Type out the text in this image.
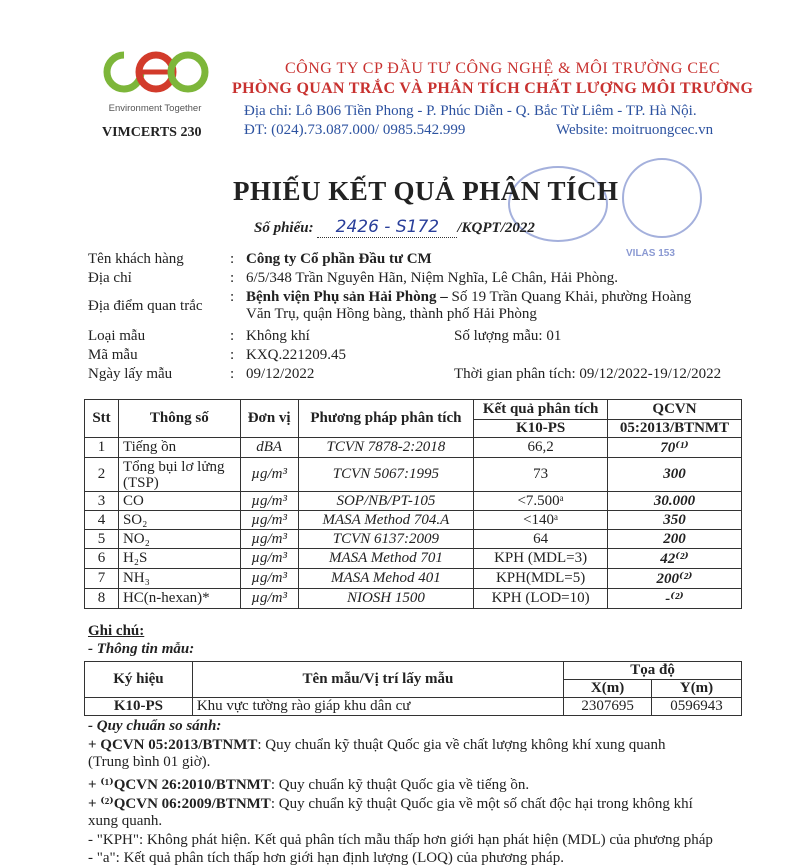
Environment Together
VIMCERTS 230
CÔNG TY CP ĐẦU TƯ CÔNG NGHỆ & MÔI TRƯỜNG CEC
PHÒNG QUAN TRẮC VÀ PHÂN TÍCH CHẤT LƯỢNG MÔI TRƯỜNG
Địa chỉ: Lô B06 Tiền Phong - P. Phúc Diễn - Q. Bắc Từ Liêm - TP. Hà Nội.
ĐT: (024).73.087.000/ 0985.542.999	Website: moitruongcec.vn
VILAS 153
PHIẾU KẾT QUẢ PHÂN TÍCH
Số phiếu: 2426 - S172 /KQPT/2022
Tên khách hàng	: Công ty Cổ phần Đầu tư CM
Địa chỉ	: 6/5/348 Trần Nguyên Hãn, Niệm Nghĩa, Lê Chân, Hải Phòng.
Địa điểm quan trắc
: Bệnh viện Phụ sản Hải Phòng – Số 19 Trần Quang Khải, phường Hoàng
Văn Trụ, quận Hồng bàng, thành phố Hải Phòng
Loại mẫu	: Không khí	Số lượng mẫu: 01
Mã mẫu	: KXQ.221209.45
Ngày lấy mẫu	: 09/12/2022	Thời gian phân tích: 09/12/2022-19/12/2022
Stt	Thông số	Đơn vị	Phương pháp phân tích	Kết quả phân tích	QCVN
				K10-PS	05:2013/BTNMT
1	Tiếng ồn	dBA	TCVN 7878-2:2018	66,2	70⁽¹⁾
2	Tổng bụi lơ lửng (TSP)	µg/m³	TCVN 5067:1995	73	300
3	CO	µg/m³	SOP/NB/PT-105	<7.500ᵃ	30.000
4	SO₂	µg/m³	MASA Method 704.A	<140ᵃ	350
5	NO₂	µg/m³	TCVN 6137:2009	64	200
6	H₂S	µg/m³	MASA Method 701	KPH (MDL=3)	42⁽²⁾
7	NH₃	µg/m³	MASA Mehod 401	KPH(MDL=5)	200⁽²⁾
8	HC(n-hexan)*	µg/m³	NIOSH 1500	KPH (LOD=10)	-⁽²⁾
Ghi chú:
- Thông tin mẫu:
Ký hiệu	Tên mẫu/Vị trí lấy mẫu	Tọa độ	
		X(m)	Y(m)
K10-PS	Khu vực tường rào giáp khu dân cư	2307695	0596943
- Quy chuẩn so sánh:
+ QCVN 05:2013/BTNMT: Quy chuẩn kỹ thuật Quốc gia về chất lượng không khí xung quanh
(Trung bình 01 giờ).
+ ⁽¹⁾QCVN 26:2010/BTNMT: Quy chuẩn kỹ thuật Quốc gia về tiếng ồn.
+ ⁽²⁾QCVN 06:2009/BTNMT: Quy chuẩn kỹ thuật Quốc gia về một số chất độc hại trong không khí
xung quanh.
- "KPH": Không phát hiện. Kết quả phân tích mẫu thấp hơn giới hạn phát hiện (MDL) của phương pháp
- "a": Kết quả phân tích thấp hơn giới hạn định lượng (LOQ) của phương pháp.
